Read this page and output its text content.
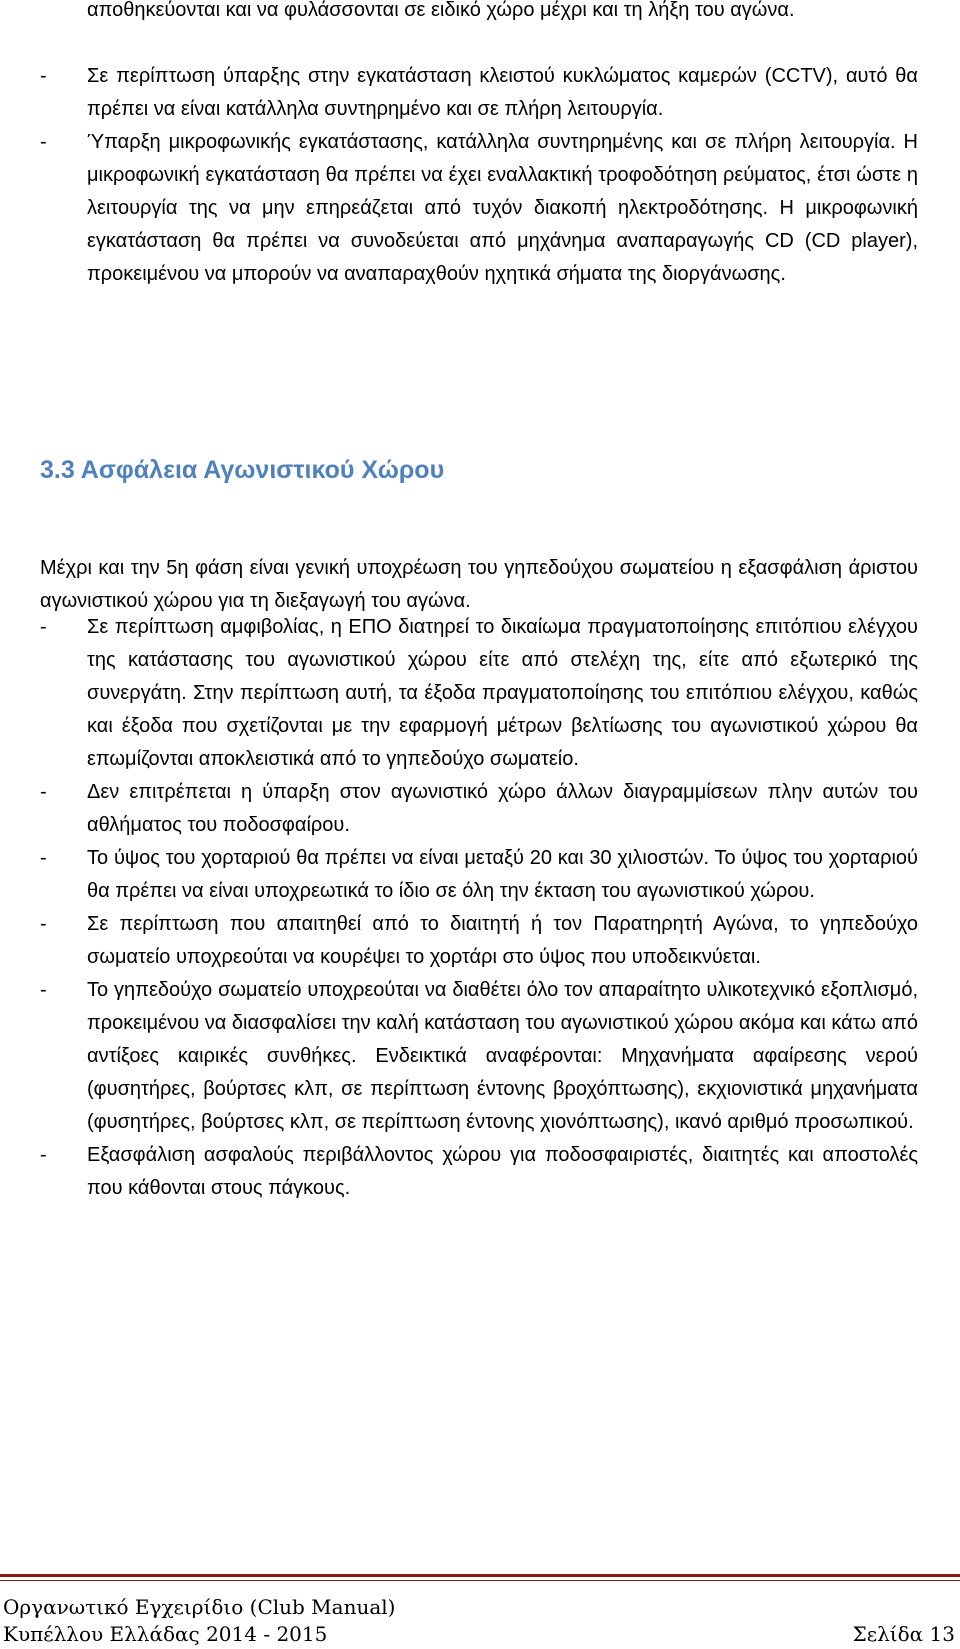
αποθηκεύονται και να φυλάσσονται σε ειδικό χώρο μέχρι και τη λήξη του αγώνα.
- Σε περίπτωση ύπαρξης στην εγκατάσταση κλειστού κυκλώματος καμερών (CCTV), αυτό θα πρέπει να είναι κατάλληλα συντηρημένο και σε πλήρη λειτουργία.
- Ύπαρξη μικροφωνικής εγκατάστασης, κατάλληλα συντηρημένης και σε πλήρη λειτουργία. Η μικροφωνική εγκατάσταση θα πρέπει να έχει εναλλακτική τροφοδότηση ρεύματος, έτσι ώστε η λειτουργία της να μην επηρεάζεται από τυχόν διακοπή ηλεκτροδότησης. Η μικροφωνική εγκατάσταση θα πρέπει να συνοδεύεται από μηχάνημα αναπαραγωγής CD (CD player), προκειμένου να μπορούν να αναπαραχθούν ηχητικά σήματα της διοργάνωσης.
3.3 Ασφάλεια Αγωνιστικού Χώρου
Μέχρι και την 5η φάση είναι γενική υποχρέωση του γηπεδούχου σωματείου η εξασφάλιση άριστου αγωνιστικού χώρου για τη διεξαγωγή του αγώνα.
- Σε περίπτωση αμφιβολίας, η ΕΠΟ διατηρεί το δικαίωμα πραγματοποίησης επιτόπιου ελέγχου της κατάστασης του αγωνιστικού χώρου είτε από στελέχη της, είτε από εξωτερικό της συνεργάτη. Στην περίπτωση αυτή, τα έξοδα πραγματοποίησης του επιτόπιου ελέγχου, καθώς και έξοδα που σχετίζονται με την εφαρμογή μέτρων βελτίωσης του αγωνιστικού χώρου θα επωμίζονται αποκλειστικά από το γηπεδούχο σωματείο.
- Δεν επιτρέπεται η ύπαρξη στον αγωνιστικό χώρο άλλων διαγραμμίσεων πλην αυτών του αθλήματος του ποδοσφαίρου.
- Το ύψος του χορταριού θα πρέπει να είναι μεταξύ 20 και 30 χιλιοστών. Το ύψος του χορταριού θα πρέπει να είναι υποχρεωτικά το ίδιο σε όλη την έκταση του αγωνιστικού χώρου.
- Σε περίπτωση που απαιτηθεί από το διαιτητή ή τον Παρατηρητή Αγώνα, το γηπεδούχο σωματείο υποχρεούται να κουρέψει το χορτάρι στο ύψος που υποδεικνύεται.
- Το γηπεδούχο σωματείο υποχρεούται να διαθέτει όλο τον απαραίτητο υλικοτεχνικό εξοπλισμό, προκειμένου να διασφαλίσει την καλή κατάσταση του αγωνιστικού χώρου ακόμα και κάτω από αντίξοες καιρικές συνθήκες. Ενδεικτικά αναφέρονται: Μηχανήματα αφαίρεσης νερού (φυσητήρες, βούρτσες κλπ, σε περίπτωση έντονης βροχόπτωσης), εκχιονιστικά μηχανήματα (φυσητήρες, βούρτσες κλπ, σε περίπτωση έντονης χιονόπτωσης), ικανό αριθμό προσωπικού.
- Εξασφάλιση ασφαλούς περιβάλλοντος χώρου για ποδοσφαιριστές, διαιτητές και αποστολές που κάθονται στους πάγκους.
Οργανωτικό Εγχειρίδιο (Club Manual)
Κυπέλλου Ελλάδας 2014 - 2015	Σελίδα 13
